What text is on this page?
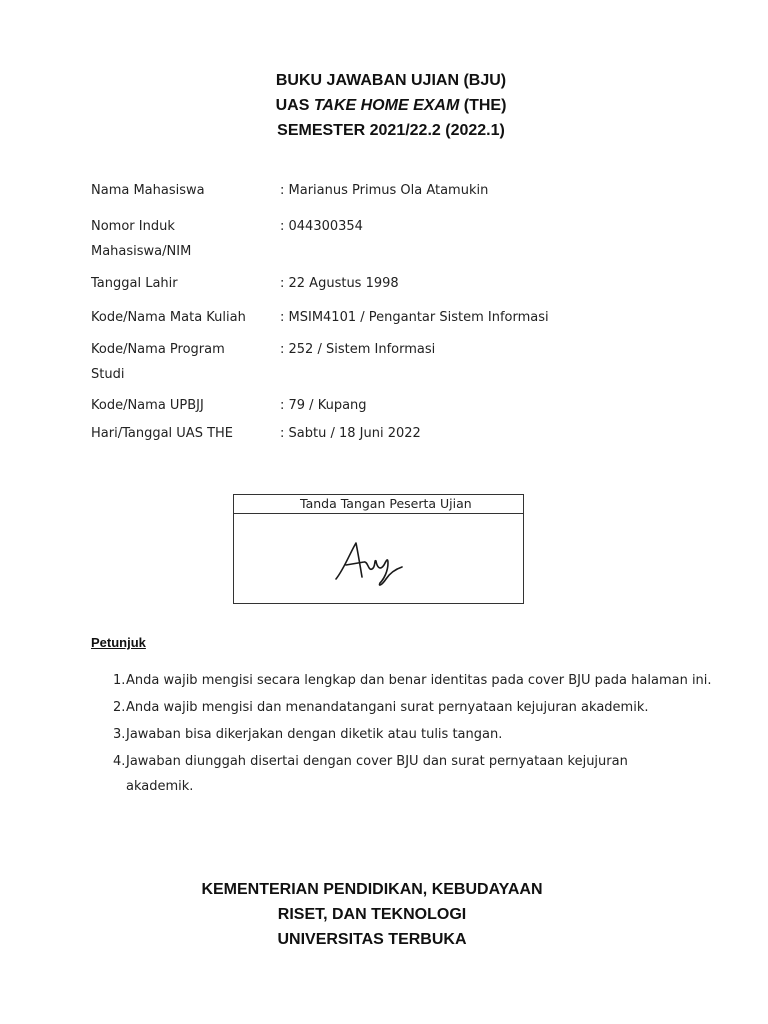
BUKU JAWABAN UJIAN (BJU)
UAS TAKE HOME EXAM (THE)
SEMESTER 2021/22.2 (2022.1)
Nama Mahasiswa	: Marianus Primus Ola Atamukin
Nomor Induk Mahasiswa/NIM
: 044300354
Tanggal Lahir	: 22 Agustus 1998
Kode/Nama Mata Kuliah	: MSIM4101 / Pengantar Sistem Informasi
Kode/Nama Program Studi
: 252 / Sistem Informasi
Kode/Nama UPBJJ	: 79 / Kupang
Hari/Tanggal UAS THE	: Sabtu / 18 Juni 2022
Tanda Tangan Peserta Ujian
Petunjuk
1. Anda wajib mengisi secara lengkap dan benar identitas pada cover BJU pada halaman ini.
2. Anda wajib mengisi dan menandatangani surat pernyataan kejujuran akademik.
3. Jawaban bisa dikerjakan dengan diketik atau tulis tangan.
4. Jawaban diunggah disertai dengan cover BJU dan surat pernyataan kejujuran akademik.
KEMENTERIAN PENDIDIKAN, KEBUDAYAAN
RISET, DAN TEKNOLOGI
UNIVERSITAS TERBUKA
